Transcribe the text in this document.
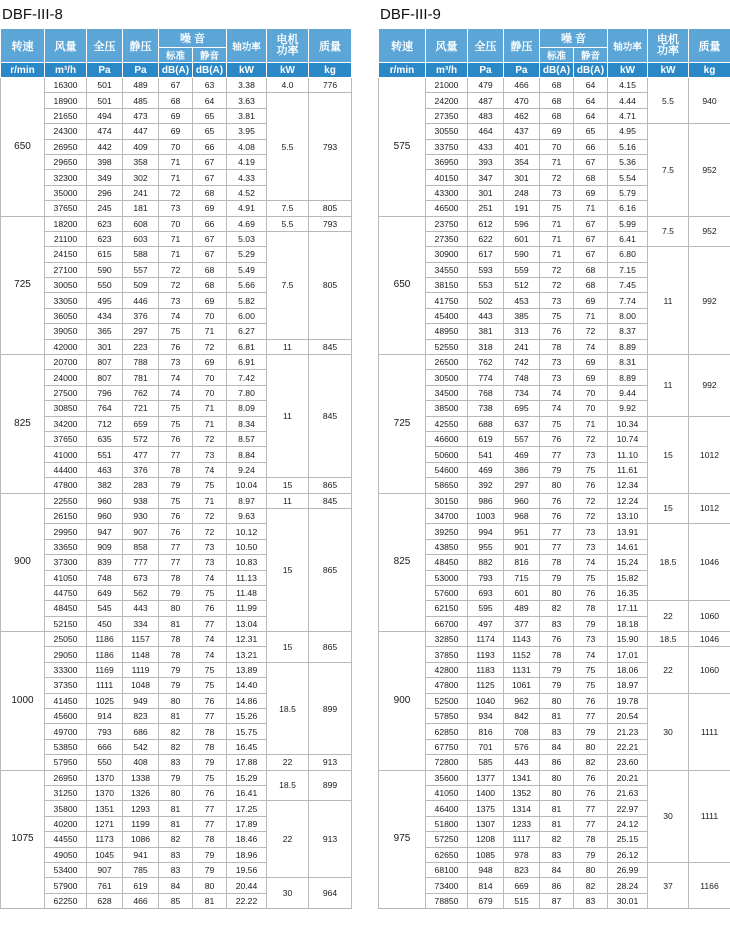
DBF-III-8
转速	风量	全压	静压	噪 音		轴功率	电机功率	质量
				标准	静音			
r/min	m³/h	Pa	Pa	dB(A)	dB(A)	kW	kW	kg
650	16300	501	489	67	63	3.38	4.0	776
	18900	501	485	68	64	3.63	5.5	793
	21650	494	473	69	65	3.81		
	24300	474	447	69	65	3.95		
	26950	442	409	70	66	4.08		
	29650	398	358	71	67	4.19		
	32300	349	302	71	67	4.33		
	35000	296	241	72	68	4.52		
	37650	245	181	73	69	4.91	7.5	805
725	18200	623	608	70	66	4.69	5.5	793
	21100	623	603	71	67	5.03	7.5	805
	24150	615	588	71	67	5.29		
	27100	590	557	72	68	5.49		
	30050	550	509	72	68	5.66		
	33050	495	446	73	69	5.82		
	36050	434	376	74	70	6.00		
	39050	365	297	75	71	6.27		
	42000	301	223	76	72	6.81	11	845
825	20700	807	788	73	69	6.91	11	845
	24000	807	781	74	70	7.42		
	27500	796	762	74	70	7.80		
	30850	764	721	75	71	8.09		
	34200	712	659	75	71	8.34		
	37650	635	572	76	72	8.57		
	41000	551	477	77	73	8.84		
	44400	463	376	78	74	9.24		
	47800	382	283	79	75	10.04	15	865
900	22550	960	938	75	71	8.97	11	845
	26150	960	930	76	72	9.63	15	865
	29950	947	907	76	72	10.12		
	33650	909	858	77	73	10.50		
	37300	839	777	77	73	10.83		
	41050	748	673	78	74	11.13		
	44750	649	562	79	75	11.48		
	48450	545	443	80	76	11.99		
	52150	450	334	81	77	13.04		
1000	25050	1186	1157	78	74	12.31	15	865
	29050	1186	1148	78	74	13.21		
	33300	1169	1119	79	75	13.89	18.5	899
	37350	1111	1048	79	75	14.40		
	41450	1025	949	80	76	14.86		
	45600	914	823	81	77	15.26		
	49700	793	686	82	78	15.75		
	53850	666	542	82	78	16.45		
	57950	550	408	83	79	17.88	22	913
1075	26950	1370	1338	79	75	15.29	18.5	899
	31250	1370	1326	80	76	16.41		
	35800	1351	1293	81	77	17.25	22	913
	40200	1271	1199	81	77	17.89		
	44550	1173	1086	82	78	18.46		
	49050	1045	941	83	79	18.96		
	53400	907	785	83	79	19.56		
	57900	761	619	84	80	20.44	30	964
	62250	628	466	85	81	22.22		
DBF-III-9
转速	风量	全压	静压	噪 音		轴功率	电机功率	质量
				标准	静音			
r/min	m³/h	Pa	Pa	dB(A)	dB(A)	kW	kW	kg
575	21000	479	466	68	64	4.15	5.5	940
	24200	487	470	68	64	4.44		
	27350	483	462	68	64	4.71		
	30550	464	437	69	65	4.95	7.5	952
	33750	433	401	70	66	5.16		
	36950	393	354	71	67	5.36		
	40150	347	301	72	68	5.54		
	43300	301	248	73	69	5.79		
	46500	251	191	75	71	6.16		
650	23750	612	596	71	67	5.99	7.5	952
	27350	622	601	71	67	6.41		
	30900	617	590	71	67	6.80	11	992
	34550	593	559	72	68	7.15		
	38150	553	512	72	68	7.45		
	41750	502	453	73	69	7.74		
	45400	443	385	75	71	8.00		
	48950	381	313	76	72	8.37		
	52550	318	241	78	74	8.89		
725	26500	762	742	73	69	8.31	11	992
	30500	774	748	73	69	8.89		
	34500	768	734	74	70	9.44		
	38500	738	695	74	70	9.92		
	42550	688	637	75	71	10.34	15	1012
	46600	619	557	76	72	10.74		
	50600	541	469	77	73	11.10		
	54600	469	386	79	75	11.61		
	58650	392	297	80	76	12.34		
825	30150	986	960	76	72	12.24	15	1012
	34700	1003	968	76	72	13.10		
	39250	994	951	77	73	13.91	18.5	1046
	43850	955	901	77	73	14.61		
	48450	882	816	78	74	15.24		
	53000	793	715	79	75	15.82		
	57600	693	601	80	76	16.35		
	62150	595	489	82	78	17.11	22	1060
	66700	497	377	83	79	18.18		
900	32850	1174	1143	76	73	15.90	18.5	1046
	37850	1193	1152	78	74	17.01	22	1060
	42800	1183	1131	79	75	18.06		
	47800	1125	1061	79	75	18.97		
	52500	1040	962	80	76	19.78	30	1111
	57850	934	842	81	77	20.54		
	62850	816	708	83	79	21.23		
	67750	701	576	84	80	22.21		
	72800	585	443	86	82	23.60		
975	35600	1377	1341	80	76	20.21	30	1111
	41050	1400	1352	80	76	21.63		
	46400	1375	1314	81	77	22.97		
	51800	1307	1233	81	77	24.12		
	57250	1208	1117	82	78	25.15		
	62650	1085	978	83	79	26.12		
	68100	948	823	84	80	26.99	37	1166
	73400	814	669	86	82	28.24		
	78850	679	515	87	83	30.01		
